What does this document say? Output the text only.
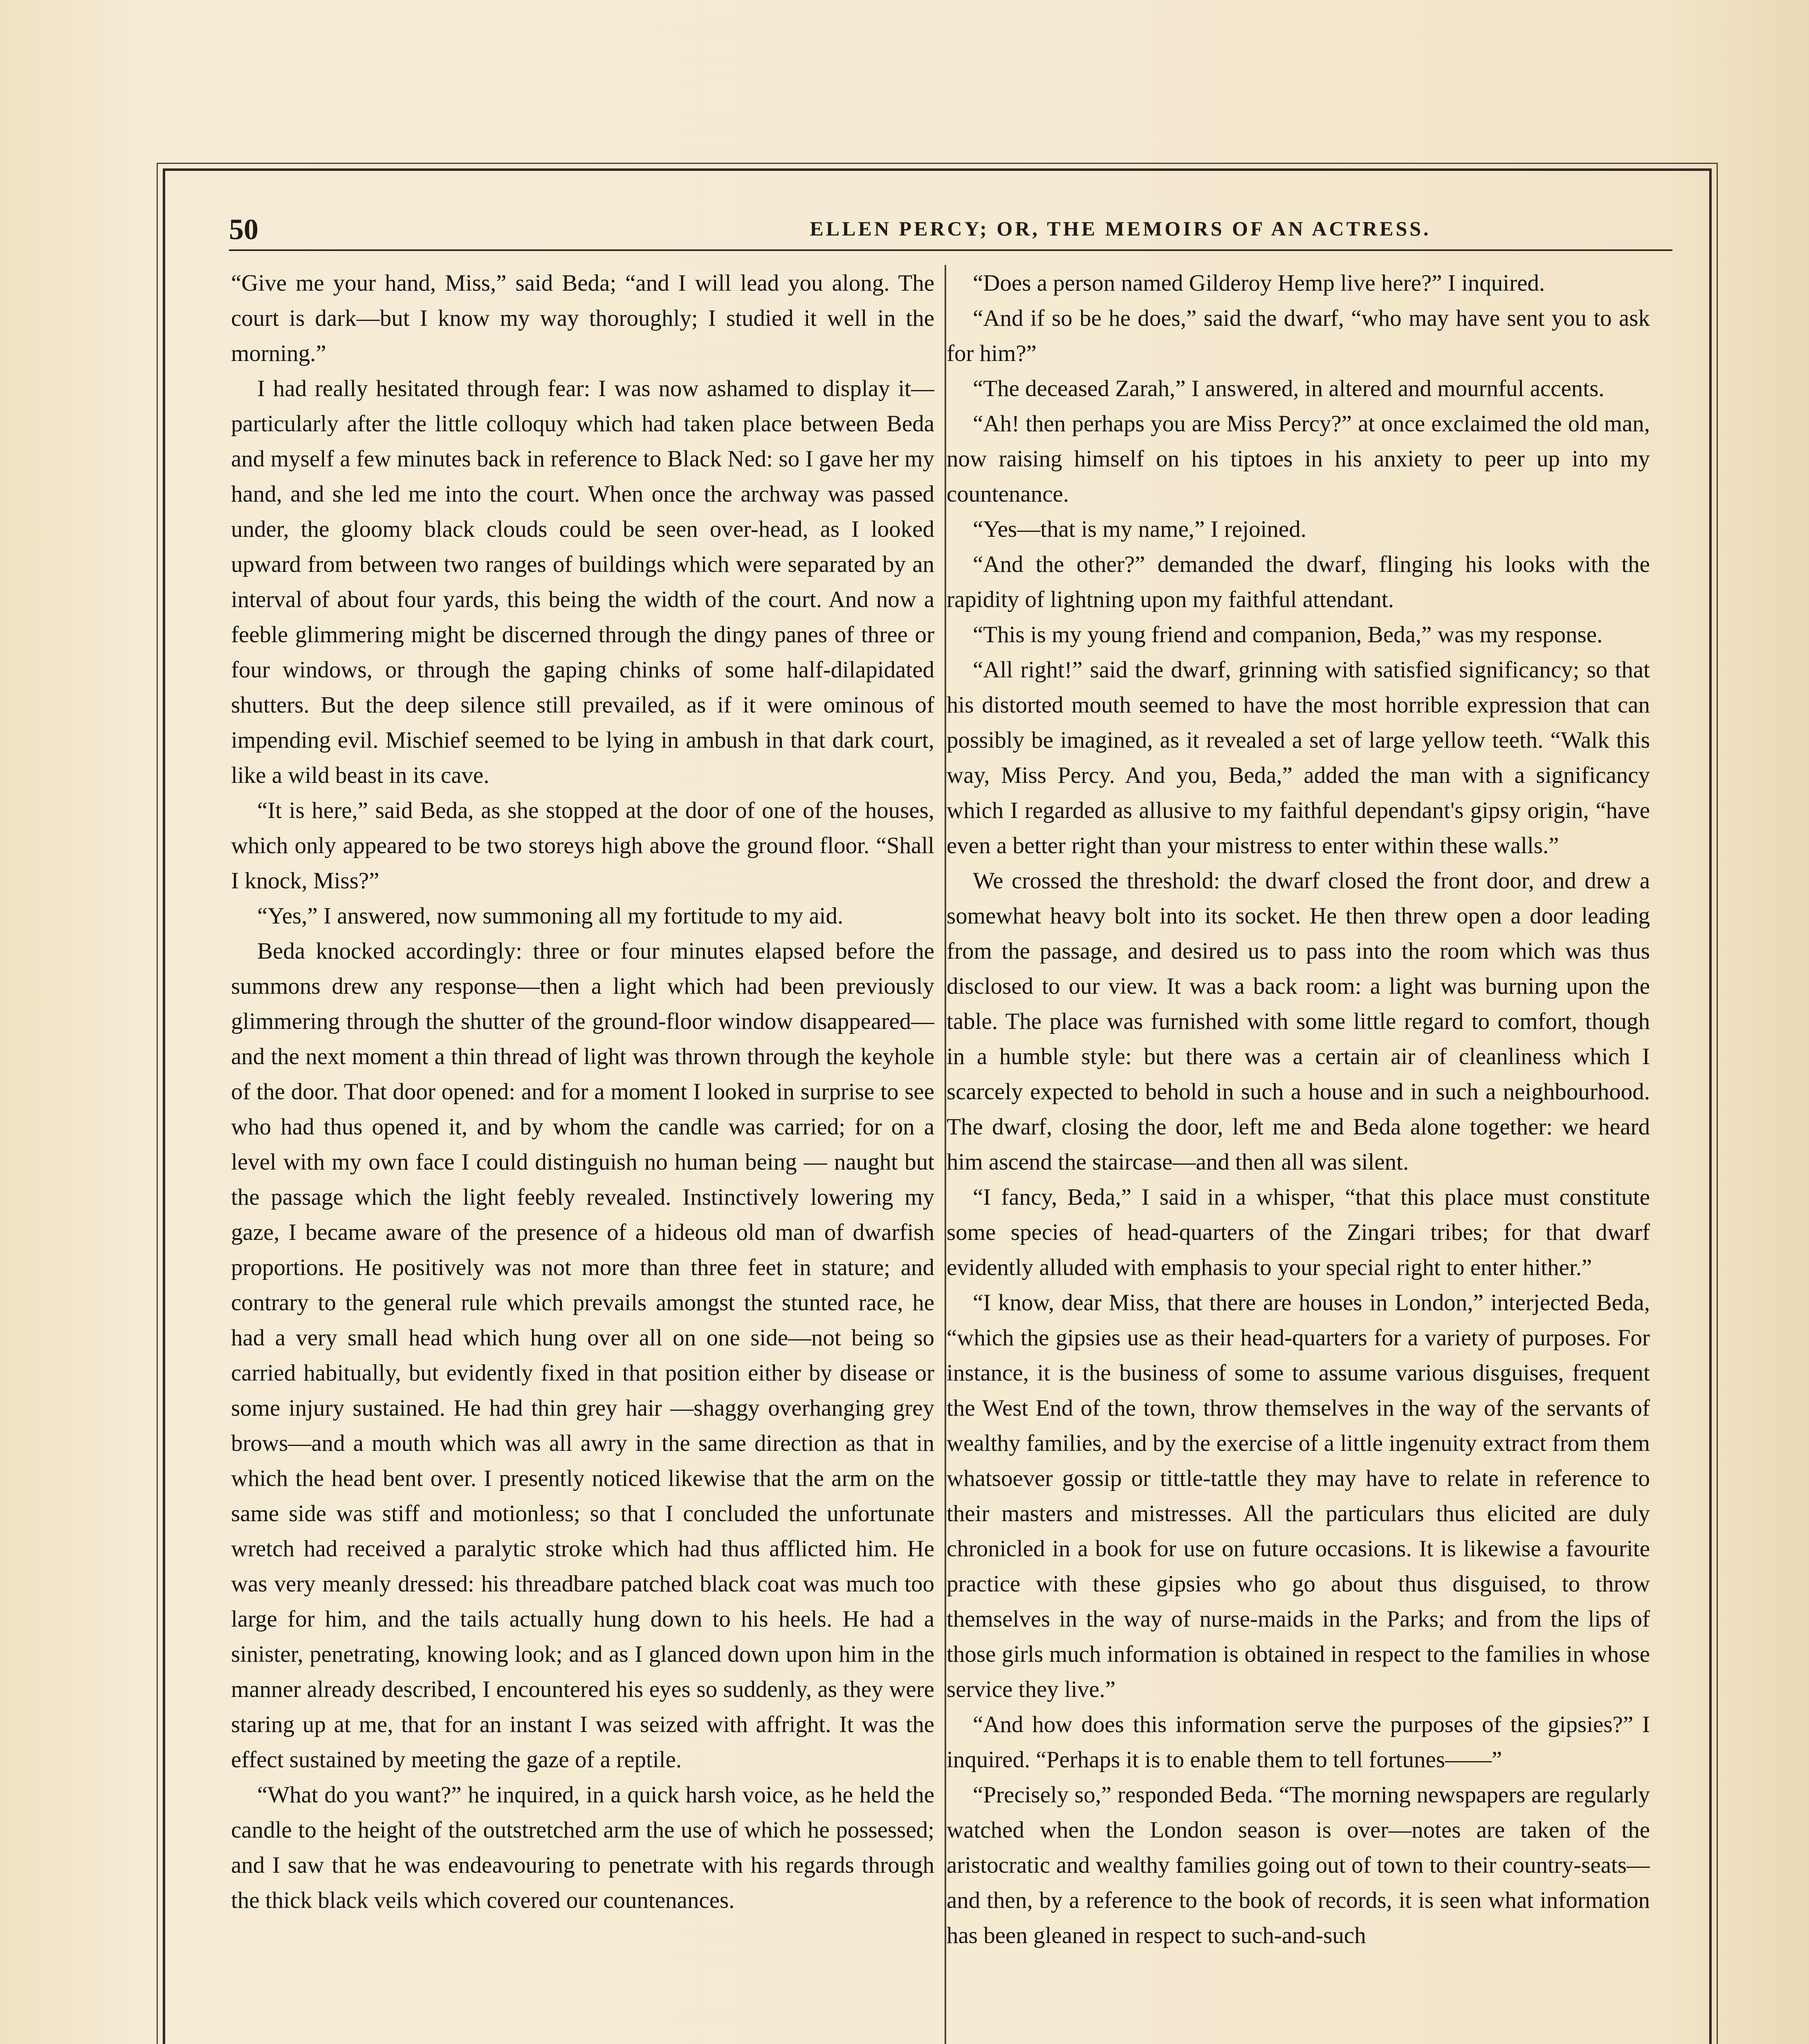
50	ELLEN PERCY; OR, THE MEMOIRS OF AN ACTRESS.

“Give me your hand, Miss,” said Beda; “and I will lead you along. The court is dark—but I know my way thoroughly; I studied it well in the morning.”

I had really hesitated through fear: I was now ashamed to display it—particularly after the little colloquy which had taken place between Beda and myself a few minutes back in reference to Black Ned: so I gave her my hand, and she led me into the court. When once the archway was passed under, the gloomy black clouds could be seen over-head, as I looked upward from between two ranges of buildings which were separated by an interval of about four yards, this being the width of the court. And now a feeble glimmering might be discerned through the dingy panes of three or four windows, or through the gaping chinks of some half-dilapidated shutters. But the deep silence still prevailed, as if it were ominous of impending evil. Mischief seemed to be lying in ambush in that dark court, like a wild beast in its cave.

“It is here,” said Beda, as she stopped at the door of one of the houses, which only appeared to be two storeys high above the ground floor. “Shall I knock, Miss?”

“Yes,” I answered, now summoning all my fortitude to my aid.

Beda knocked accordingly: three or four minutes elapsed before the summons drew any response—then a light which had been previously glimmering through the shutter of the ground-floor window disappeared—and the next moment a thin thread of light was thrown through the keyhole of the door. That door opened: and for a moment I looked in surprise to see who had thus opened it, and by whom the candle was carried; for on a level with my own face I could distinguish no human being — naught but the passage which the light feebly revealed. Instinctively lowering my gaze, I became aware of the presence of a hideous old man of dwarfish proportions. He positively was not more than three feet in stature; and contrary to the general rule which prevails amongst the stunted race, he had a very small head which hung over all on one side—not being so carried habitually, but evidently fixed in that position either by disease or some injury sustained. He had thin grey hair —shaggy overhanging grey brows—and a mouth which was all awry in the same direction as that in which the head bent over. I presently noticed likewise that the arm on the same side was stiff and motionless; so that I concluded the unfortunate wretch had received a paralytic stroke which had thus afflicted him. He was very meanly dressed: his threadbare patched black coat was much too large for him, and the tails actually hung down to his heels. He had a sinister, penetrating, knowing look; and as I glanced down upon him in the manner already described, I encountered his eyes so suddenly, as they were staring up at me, that for an instant I was seized with affright. It was the effect sustained by meeting the gaze of a reptile.

“What do you want?” he inquired, in a quick harsh voice, as he held the candle to the height of the outstretched arm the use of which he possessed; and I saw that he was endeavouring to penetrate with his regards through the thick black veils which covered our countenances.

“Does a person named Gilderoy Hemp live here?” I inquired.

“And if so be he does,” said the dwarf, “who may have sent you to ask for him?”

“The deceased Zarah,” I answered, in altered and mournful accents.

“Ah! then perhaps you are Miss Percy?” at once exclaimed the old man, now raising himself on his tiptoes in his anxiety to peer up into my countenance.

“Yes—that is my name,” I rejoined.

“And the other?” demanded the dwarf, flinging his looks with the rapidity of lightning upon my faithful attendant.

“This is my young friend and companion, Beda,” was my response.

“All right!” said the dwarf, grinning with satisfied significancy; so that his distorted mouth seemed to have the most horrible expression that can possibly be imagined, as it revealed a set of large yellow teeth. “Walk this way, Miss Percy. And you, Beda,” added the man with a significancy which I regarded as allusive to my faithful dependant's gipsy origin, “have even a better right than your mistress to enter within these walls.”

We crossed the threshold: the dwarf closed the front door, and drew a somewhat heavy bolt into its socket. He then threw open a door leading from the passage, and desired us to pass into the room which was thus disclosed to our view. It was a back room: a light was burning upon the table. The place was furnished with some little regard to comfort, though in a humble style: but there was a certain air of cleanliness which I scarcely expected to behold in such a house and in such a neighbourhood. The dwarf, closing the door, left me and Beda alone together: we heard him ascend the staircase—and then all was silent.

“I fancy, Beda,” I said in a whisper, “that this place must constitute some species of head-quarters of the Zingari tribes; for that dwarf evidently alluded with emphasis to your special right to enter hither.”

“I know, dear Miss, that there are houses in London,” interjected Beda, “which the gipsies use as their head-quarters for a variety of purposes. For instance, it is the business of some to assume various disguises, frequent the West End of the town, throw themselves in the way of the servants of wealthy families, and by the exercise of a little ingenuity extract from them whatsoever gossip or tittle-tattle they may have to relate in reference to their masters and mistresses. All the particulars thus elicited are duly chronicled in a book for use on future occasions. It is likewise a favourite practice with these gipsies who go about thus disguised, to throw themselves in the way of nurse-maids in the Parks; and from the lips of those girls much information is obtained in respect to the families in whose service they live.”

“And how does this information serve the purposes of the gipsies?” I inquired. “Perhaps it is to enable them to tell fortunes——”

“Precisely so,” responded Beda. “The morning newspapers are regularly watched when the London season is over—notes are taken of the aristocratic and wealthy families going out of town to their country-seats—and then, by a reference to the book of records, it is seen what information has been gleaned in respect to such-and-such
